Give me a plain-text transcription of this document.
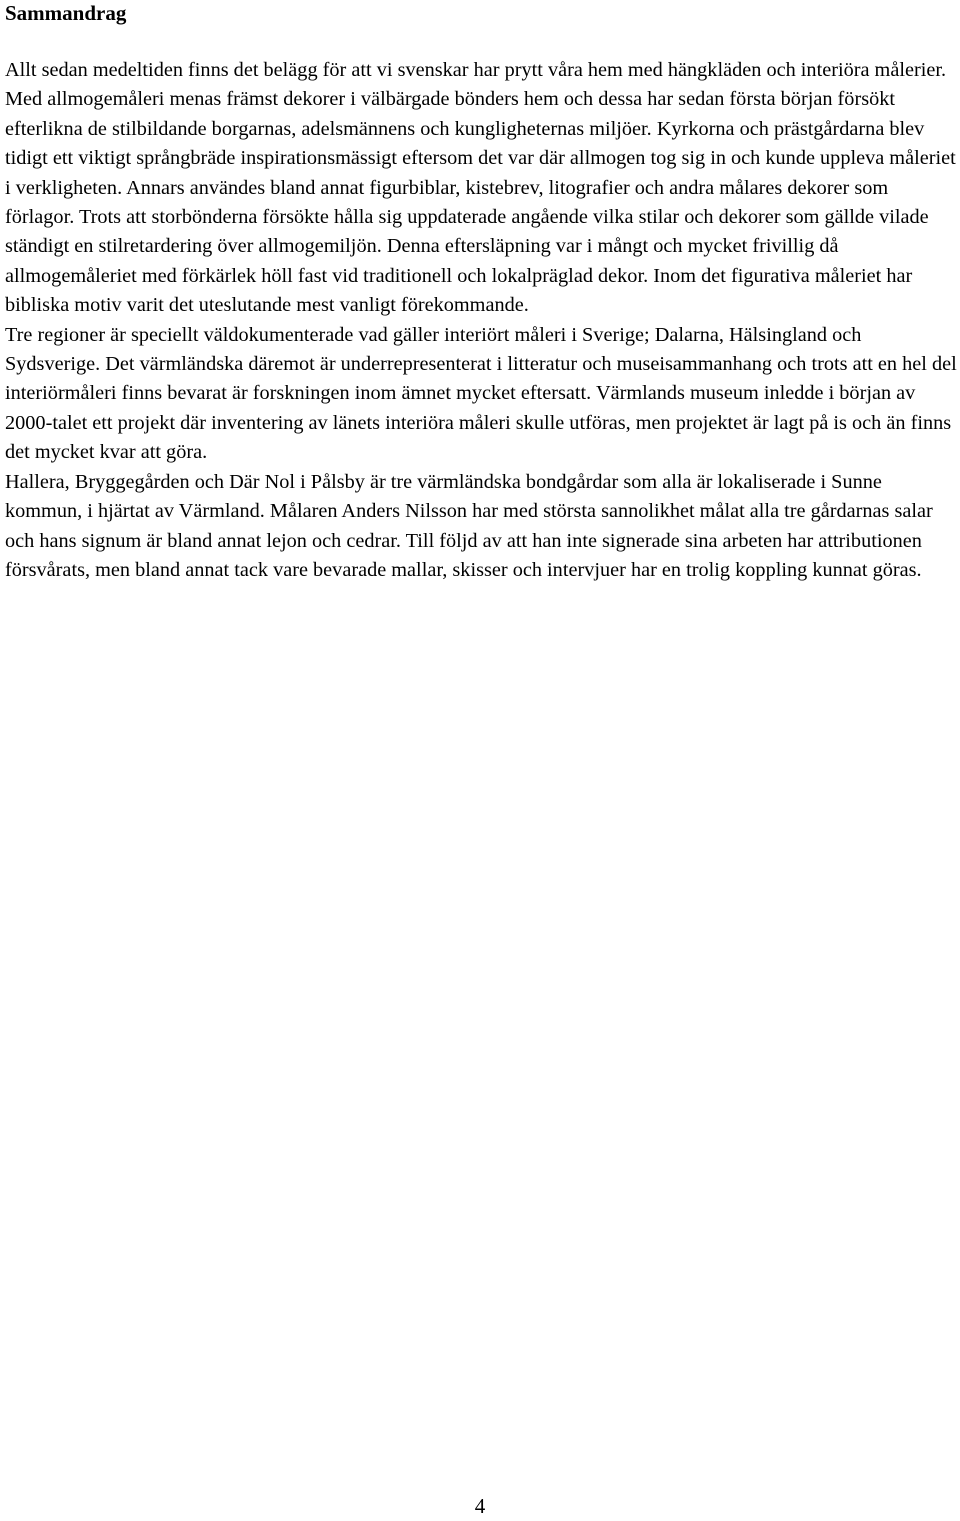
Sammandrag

Allt sedan medeltiden finns det belägg för att vi svenskar har prytt våra hem med hängkläden och interiöra målerier. Med allmogemåleri menas främst dekorer i välbärgade bönders hem och dessa har sedan första början försökt efterlikna de stilbildande borgarnas, adelsmännens och kungligheternas miljöer. Kyrkorna och prästgårdarna blev tidigt ett viktigt språngbräde inspirationsmässigt eftersom det var där allmogen tog sig in och kunde uppleva måleriet i verkligheten. Annars användes bland annat figurbiblar, kistebrev, litografier och andra målares dekorer som förlagor. Trots att storbönderna försökte hålla sig uppdaterade angående vilka stilar och dekorer som gällde vilade ständigt en stilretardering över allmogemiljön. Denna eftersläpning var i mångt och mycket frivillig då allmogemåleriet med förkärlek höll fast vid traditionell och lokalpräglad dekor. Inom det figurativa måleriet har bibliska motiv varit det uteslutande mest vanligt förekommande.

Tre regioner är speciellt väldokumenterade vad gäller interiört måleri i Sverige; Dalarna, Hälsingland och Sydsverige. Det värmländska däremot är underrepresenterat i litteratur och museisammanhang och trots att en hel del interiörmåleri finns bevarat är forskningen inom ämnet mycket eftersatt. Värmlands museum inledde i början av 2000-talet ett projekt där inventering av länets interiöra måleri skulle utföras, men projektet är lagt på is och än finns det mycket kvar att göra.

Hallera, Bryggegården och Där Nol i Pålsby är tre värmländska bondgårdar som alla är lokaliserade i Sunne kommun, i hjärtat av Värmland. Målaren Anders Nilsson har med största sannolikhet målat alla tre gårdarnas salar och hans signum är bland annat lejon och cedrar. Till följd av att han inte signerade sina arbeten har attributionen försvårats, men bland annat tack vare bevarade mallar, skisser och intervjuer har en trolig koppling kunnat göras.

4
